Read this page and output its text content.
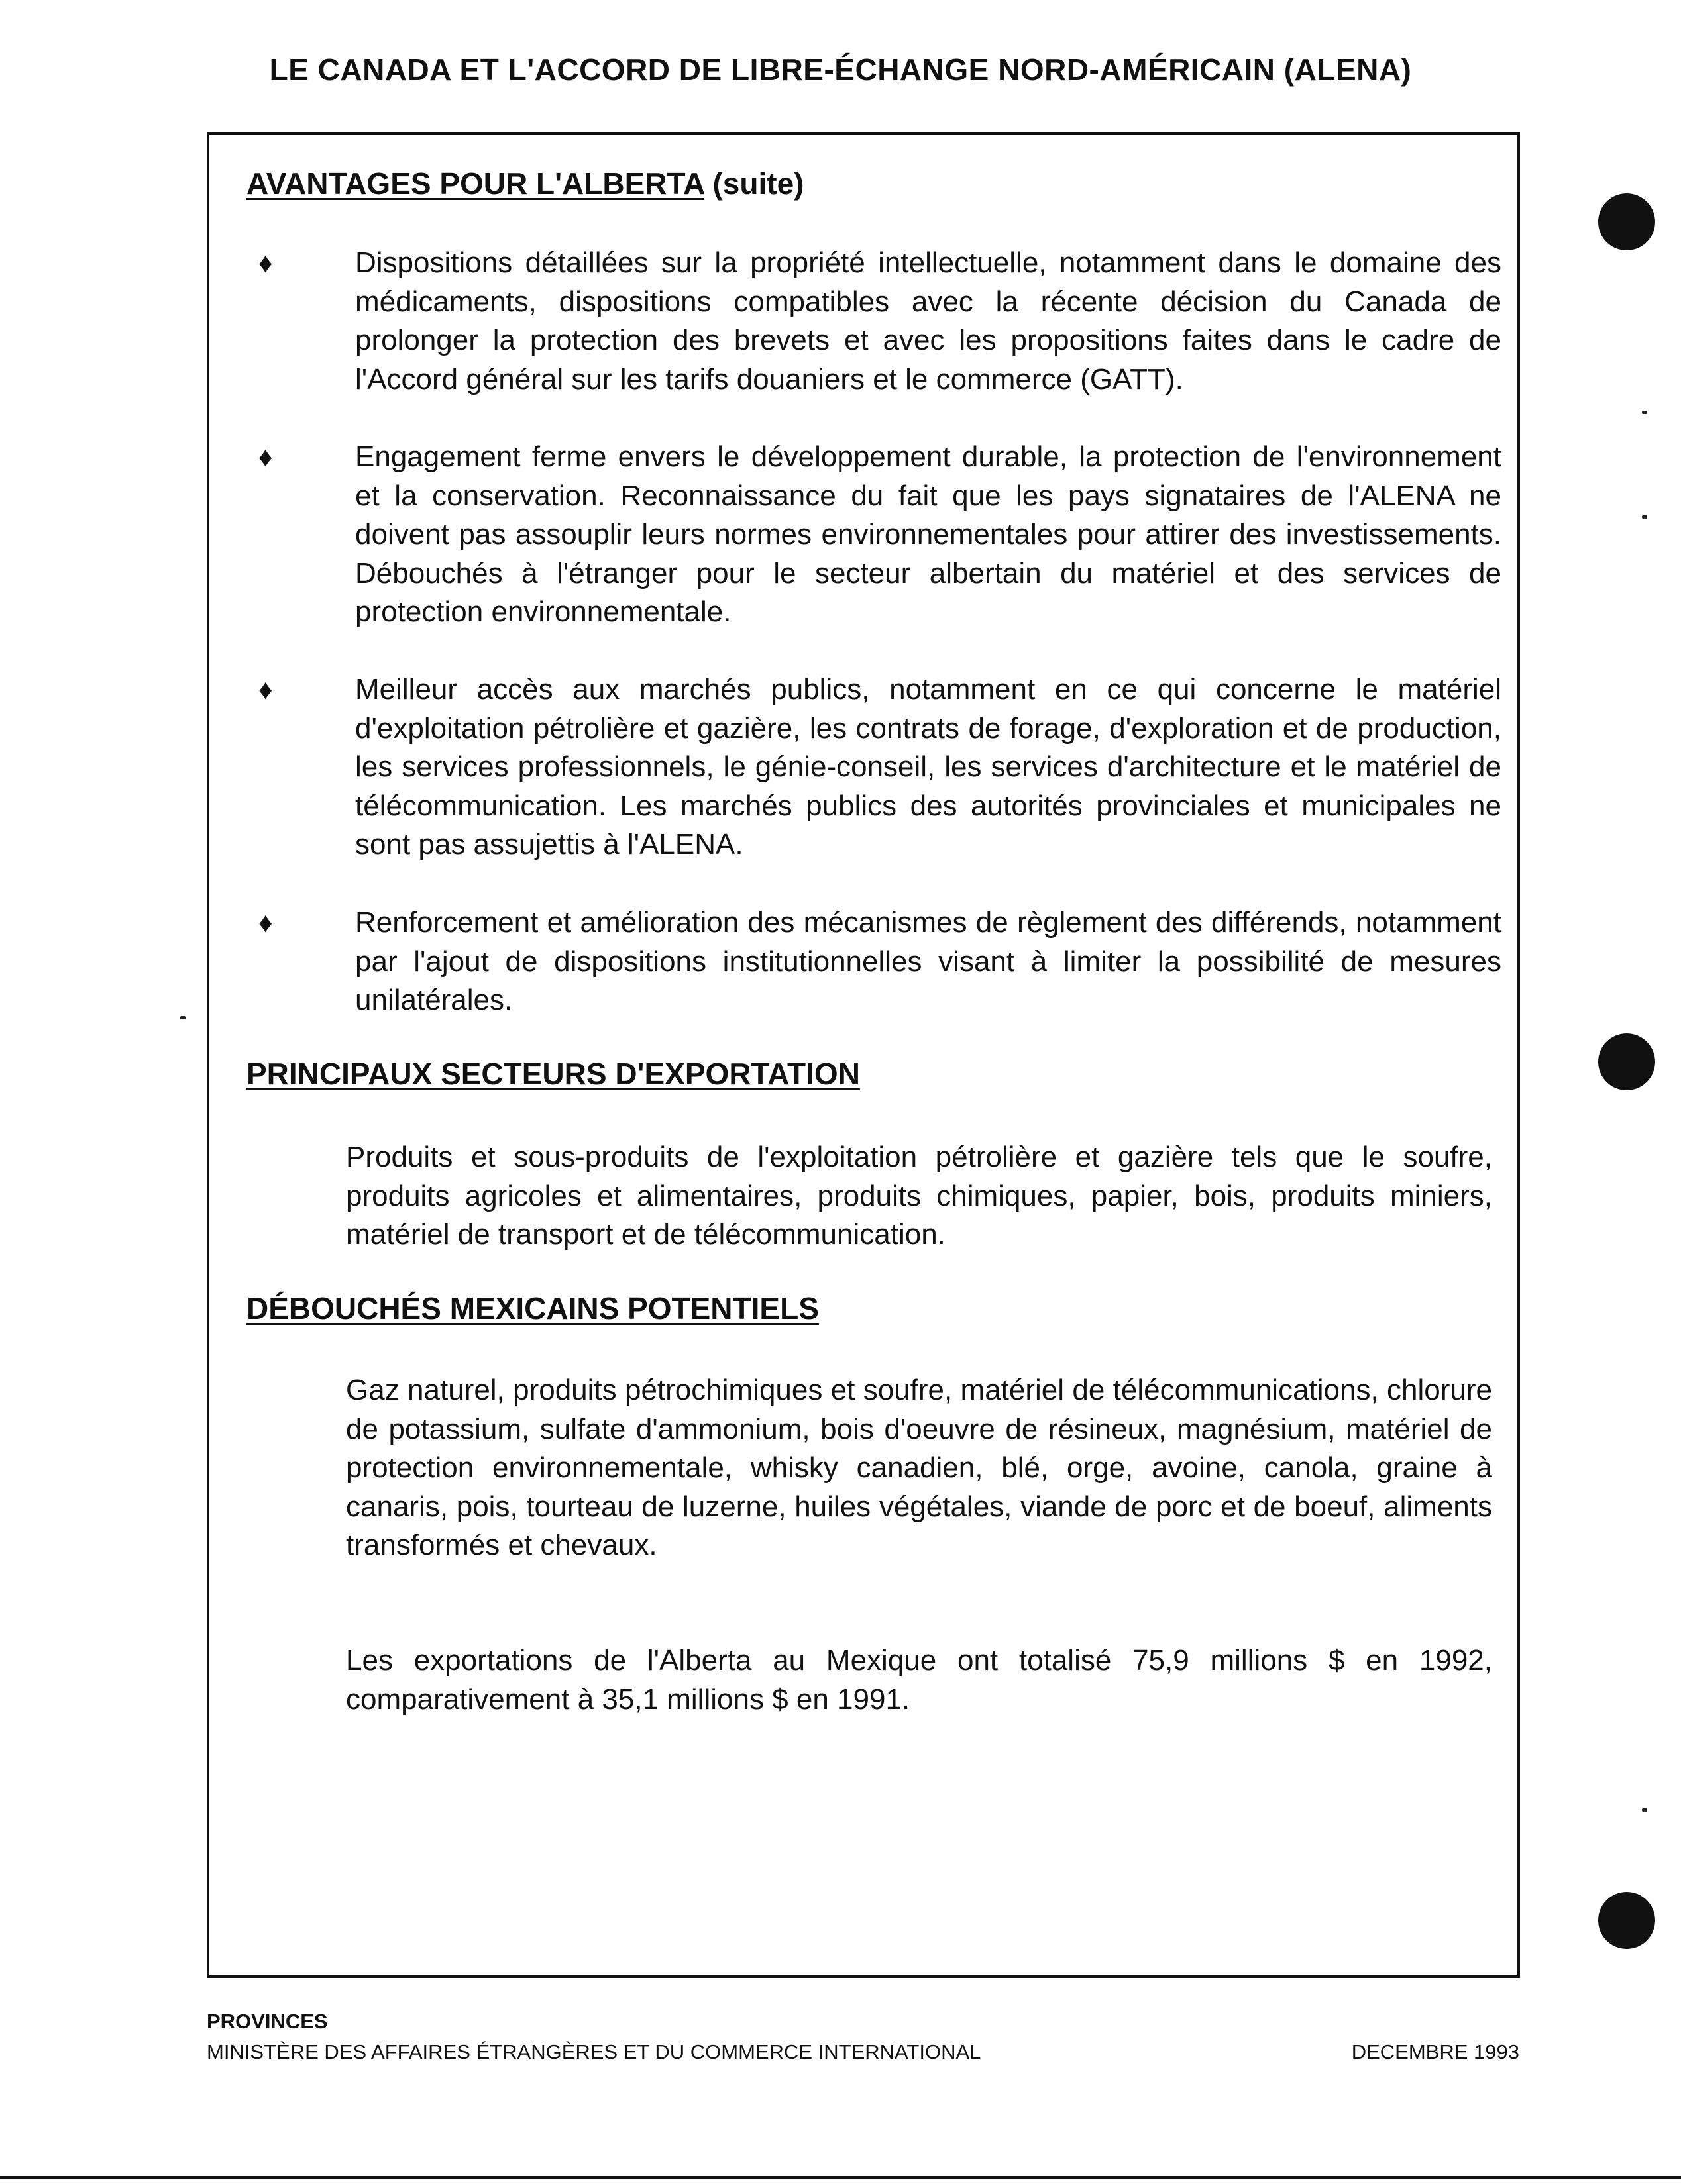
LE CANADA ET L'ACCORD DE LIBRE-ÉCHANGE NORD-AMÉRICAIN (ALENA)
AVANTAGES POUR L'ALBERTA (suite)
♦	Dispositions détaillées sur la propriété intellectuelle, notamment dans le domaine des médicaments, dispositions compatibles avec la récente décision du Canada de prolonger la protection des brevets et avec les propositions faites dans le cadre de l'Accord général sur les tarifs douaniers et le commerce (GATT).
♦	Engagement ferme envers le développement durable, la protection de l'environnement et la conservation. Reconnaissance du fait que les pays signataires de l'ALENA ne doivent pas assouplir leurs normes environnementales pour attirer des investissements. Débouchés à l'étranger pour le secteur albertain du matériel et des services de protection environnementale.
♦	Meilleur accès aux marchés publics, notamment en ce qui concerne le matériel d'exploitation pétrolière et gazière, les contrats de forage, d'exploration et de production, les services professionnels, le génie-conseil, les services d'architecture et le matériel de télécommunication. Les marchés publics des autorités provinciales et municipales ne sont pas assujettis à l'ALENA.
♦	Renforcement et amélioration des mécanismes de règlement des différends, notamment par l'ajout de dispositions institutionnelles visant à limiter la possibilité de mesures unilatérales.
PRINCIPAUX SECTEURS D'EXPORTATION
Produits et sous-produits de l'exploitation pétrolière et gazière tels que le soufre, produits agricoles et alimentaires, produits chimiques, papier, bois, produits miniers, matériel de transport et de télécommunication.
DÉBOUCHÉS MEXICAINS POTENTIELS
Gaz naturel, produits pétrochimiques et soufre, matériel de télécommunications, chlorure de potassium, sulfate d'ammonium, bois d'oeuvre de résineux, magnésium, matériel de protection environnementale, whisky canadien, blé, orge, avoine, canola, graine à canaris, pois, tourteau de luzerne, huiles végétales, viande de porc et de boeuf, aliments transformés et chevaux.
Les exportations de l'Alberta au Mexique ont totalisé 75,9 millions $ en 1992, comparativement à 35,1 millions $ en 1991.
PROVINCES
MINISTÈRE DES AFFAIRES ÉTRANGÈRES ET DU COMMERCE INTERNATIONAL	DECEMBRE 1993
